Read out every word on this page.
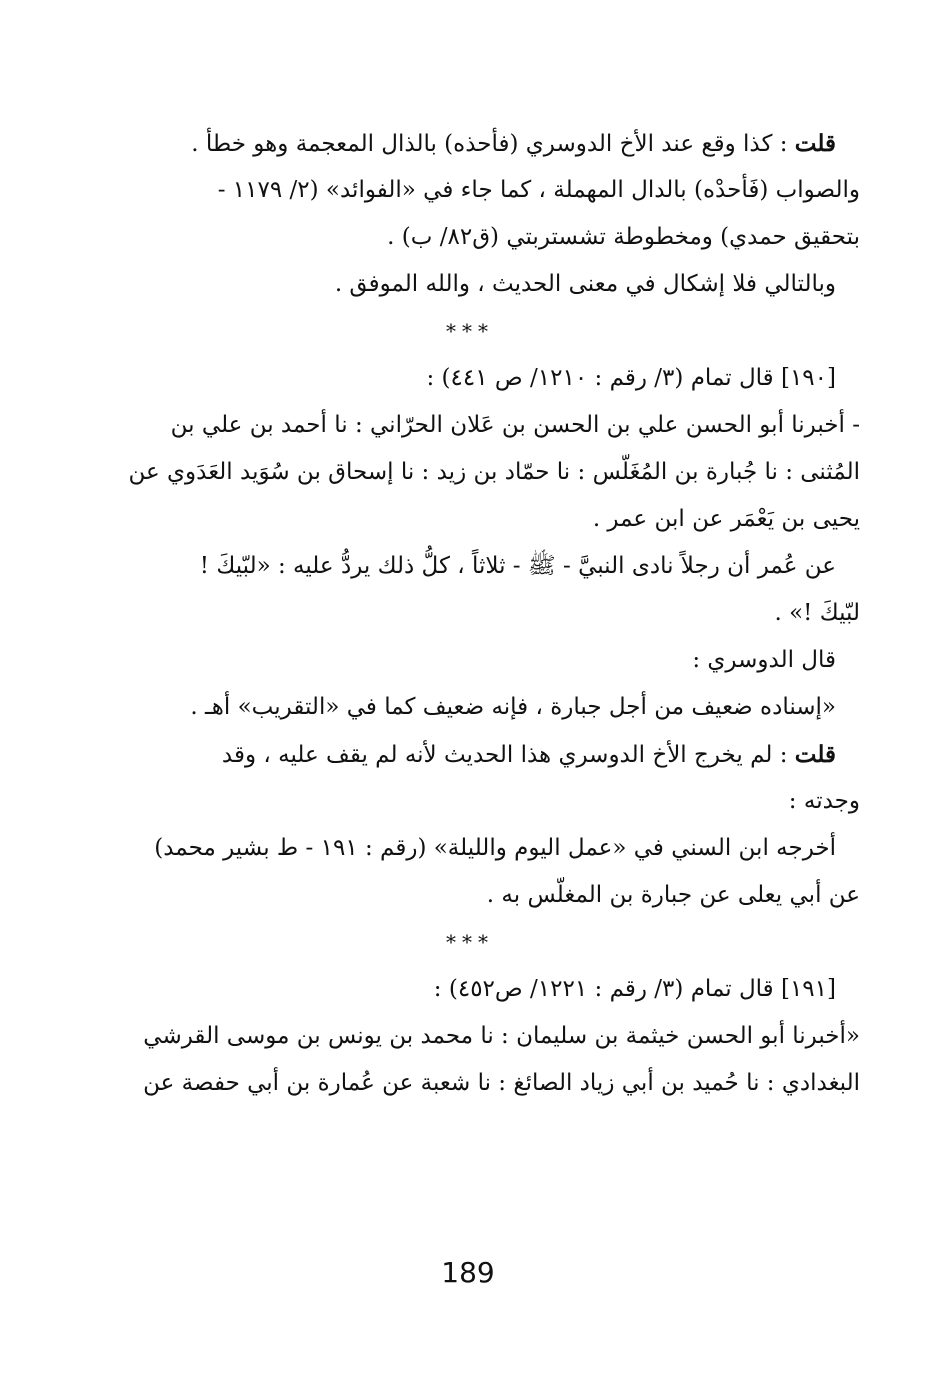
قلت : كذا وقع عند الأخ الدوسري (فأحذه) بالذال المعجمة وهو خطأ .
والصواب (فَأحدْه) بالدال المهملة ، كما جاء في «الفوائد» (٢/ ١١٧٩ -
بتحقيق حمدي) ومخطوطة تشستربتي (ق٨٢/ ب) .
وبالتالي فلا إشكال في معنى الحديث ، والله الموفق .
***
[١٩٠] قال تمام (٣/ رقم : ١٢١٠/ ص ٤٤١) :
- أخبرنا أبو الحسن علي بن الحسن بن عَلان الحرّاني : نا أحمد بن علي بن
المُثنى : نا جُبارة بن المُغَلّس : نا حمّاد بن زيد : نا إسحاق بن سُوَيد العَدَوي عن
يحيى بن يَعْمَر عن ابن عمر .
عن عُمر أن رجلاً نادى النبيَّ - ﷺ - ثلاثاً ، كلُّ ذلك يردُّ عليه : «لبّيكَ !
لبّيكَ !» .
قال الدوسري :
«إسناده ضعيف من أجل جبارة ، فإنه ضعيف كما في «التقريب» أهـ .
قلت : لم يخرج الأخ الدوسري هذا الحديث لأنه لم يقف عليه ، وقد
وجدته :
أخرجه ابن السني في «عمل اليوم والليلة» (رقم : ١٩١ - ط بشير محمد)
عن أبي يعلى عن جبارة بن المغلّس به .
***
[١٩١] قال تمام (٣/ رقم : ١٢٢١/ ص٤٥٢) :
«أخبرنا أبو الحسن خيثمة بن سليمان : نا محمد بن يونس بن موسى القرشي
البغدادي : نا حُميد بن أبي زياد الصائغ : نا شعبة عن عُمارة بن أبي حفصة عن
189
